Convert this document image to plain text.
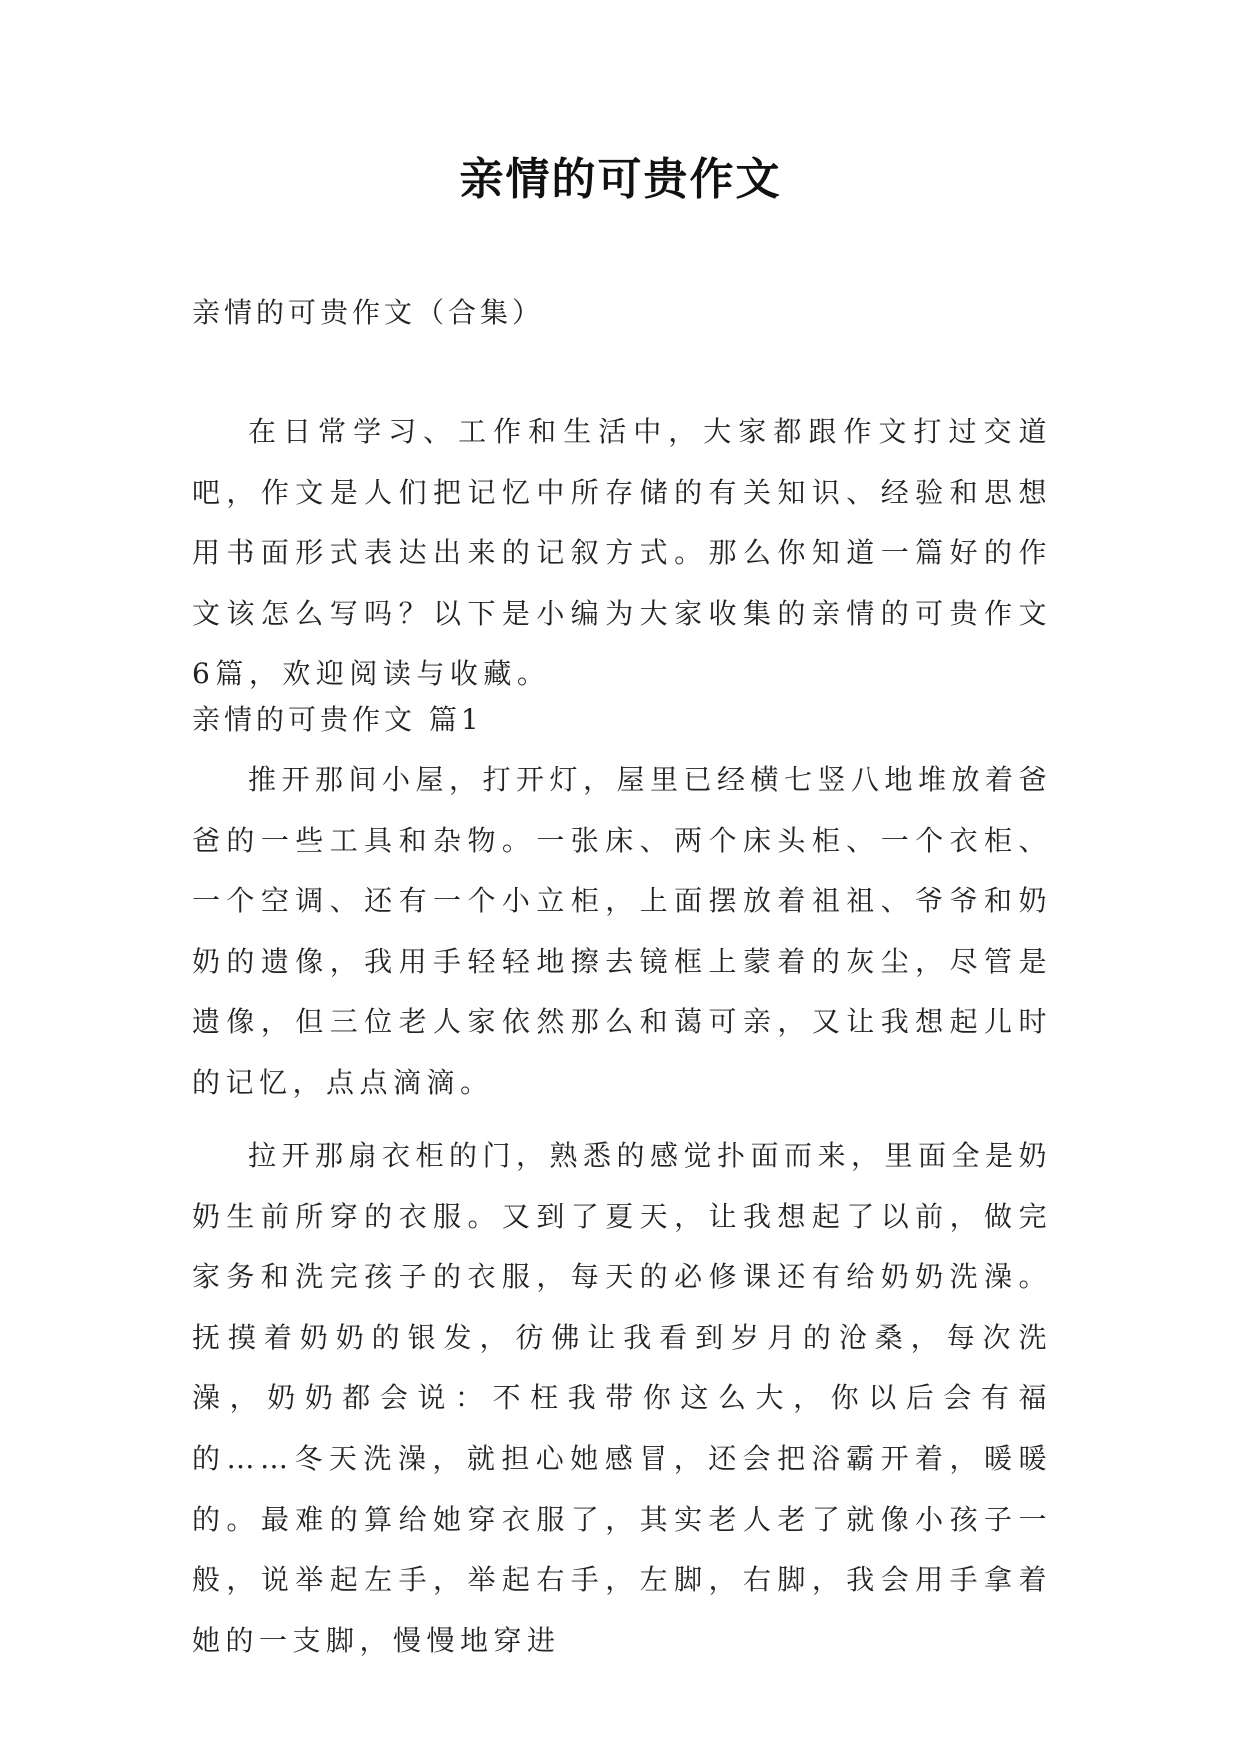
亲情的可贵作文
亲情的可贵作文（合集）

在日常学习、工作和生活中，大家都跟作文打过交道吧，作文是人们把记忆中所存储的有关知识、经验和思想用书面形式表达出来的记叙方式。那么你知道一篇好的作文该怎么写吗？以下是小编为大家收集的亲情的可贵作文6篇，欢迎阅读与收藏。

亲情的可贵作文 篇1

推开那间小屋，打开灯，屋里已经横七竖八地堆放着爸爸的一些工具和杂物。一张床、两个床头柜、一个衣柜、一个空调、还有一个小立柜，上面摆放着祖祖、爷爷和奶奶的遗像，我用手轻轻地擦去镜框上蒙着的灰尘，尽管是遗像，但三位老人家依然那么和蔼可亲，又让我想起儿时的记忆，点点滴滴。

拉开那扇衣柜的门，熟悉的感觉扑面而来，里面全是奶奶生前所穿的衣服。又到了夏天，让我想起了以前，做完家务和洗完孩子的衣服，每天的必修课还有给奶奶洗澡。抚摸着奶奶的银发，彷佛让我看到岁月的沧桑，每次洗澡，奶奶都会说：不枉我带你这么大，你以后会有福的……冬天洗澡，就担心她感冒，还会把浴霸开着，暖暖的。最难的算给她穿衣服了，其实老人老了就像小孩子一般，说举起左手，举起右手，左脚，右脚，我会用手拿着她的一支脚，慢慢地穿进
